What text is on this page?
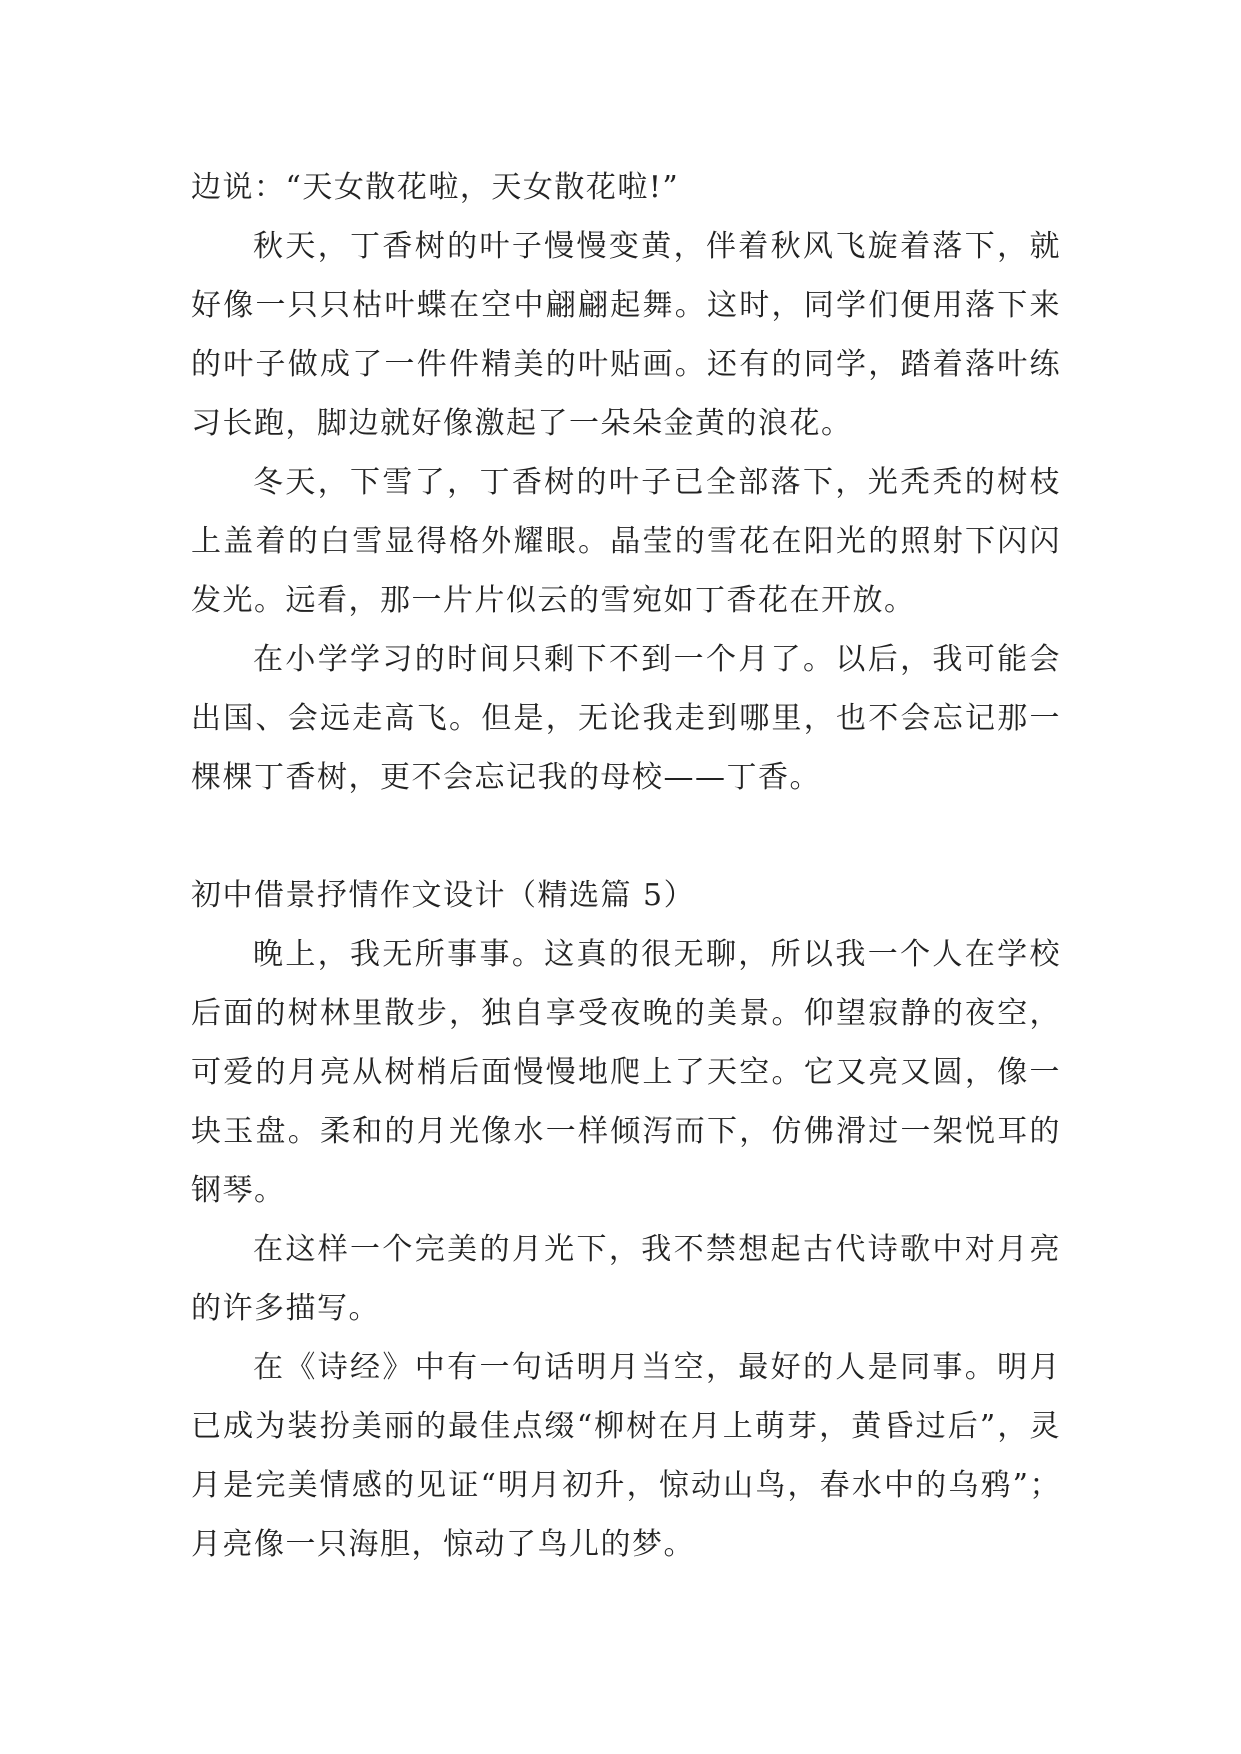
边说：“天女散花啦，天女散花啦!”

秋天，丁香树的叶子慢慢变黄，伴着秋风飞旋着落下，就好像一只只枯叶蝶在空中翩翩起舞。这时，同学们便用落下来的叶子做成了一件件精美的叶贴画。还有的同学，踏着落叶练习长跑，脚边就好像激起了一朵朵金黄的浪花。

冬天，下雪了，丁香树的叶子已全部落下，光秃秃的树枝上盖着的白雪显得格外耀眼。晶莹的雪花在阳光的照射下闪闪发光。远看，那一片片似云的雪宛如丁香花在开放。

在小学学习的时间只剩下不到一个月了。以后，我可能会出国、会远走高飞。但是，无论我走到哪里，也不会忘记那一棵棵丁香树，更不会忘记我的母校——丁香。

初中借景抒情作文设计（精选篇 5）

晚上，我无所事事。这真的很无聊，所以我一个人在学校后面的树林里散步，独自享受夜晚的美景。仰望寂静的夜空，可爱的月亮从树梢后面慢慢地爬上了天空。它又亮又圆，像一块玉盘。柔和的月光像水一样倾泻而下，仿佛滑过一架悦耳的钢琴。

在这样一个完美的月光下，我不禁想起古代诗歌中对月亮的许多描写。

在《诗经》中有一句话明月当空，最好的人是同事。明月已成为装扮美丽的最佳点缀“柳树在月上萌芽，黄昏过后”，灵月是完美情感的见证“明月初升，惊动山鸟，春水中的乌鸦”；月亮像一只海胆，惊动了鸟儿的梦。
